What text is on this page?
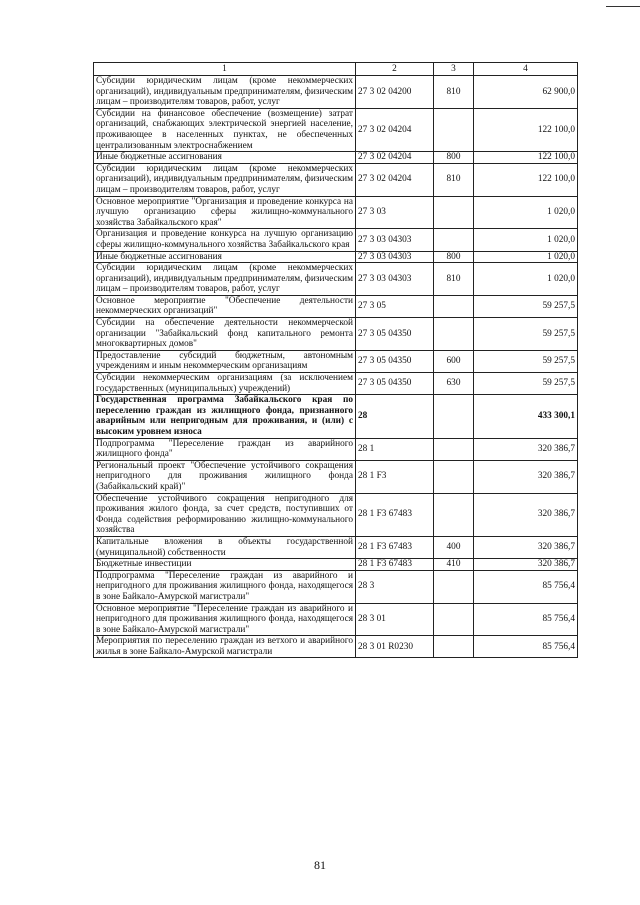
1	2	3	4
Субсидии юридическим лицам (кроме некоммерческих организаций), индивидуальным предпринимателям, физическим лицам – производителям товаров, работ, услуг	27 3 02 04200	810	62 900,0
Субсидии на финансовое обеспечение (возмещение) затрат организаций, снабжающих электрической энергией население, проживающее в населенных пунктах, не обеспеченных централизованным электроснабжением	27 3 02 04204		122 100,0
Иные бюджетные ассигнования	27 3 02 04204	800	122 100,0
Субсидии юридическим лицам (кроме некоммерческих организаций), индивидуальным предпринимателям, физическим лицам – производителям товаров, работ, услуг	27 3 02 04204	810	122 100,0
Основное мероприятие "Организация и проведение конкурса на лучшую организацию сферы жилищно-коммунального хозяйства Забайкальского края"	27 3 03		1 020,0
Организация и проведение конкурса на лучшую организацию сферы жилищно-коммунального хозяйства Забайкальского края	27 3 03 04303		1 020,0
Иные бюджетные ассигнования	27 3 03 04303	800	1 020,0
Субсидии юридическим лицам (кроме некоммерческих организаций), индивидуальным предпринимателям, физическим лицам – производителям товаров, работ, услуг	27 3 03 04303	810	1 020,0
Основное мероприятие "Обеспечение деятельности некоммерческих организаций"	27 3 05		59 257,5
Субсидии на обеспечение деятельности некоммерческой организации "Забайкальский фонд капитального ремонта многоквартирных домов"	27 3 05 04350		59 257,5
Предоставление субсидий бюджетным, автономным учреждениям и иным некоммерческим организациям	27 3 05 04350	600	59 257,5
Субсидии некоммерческим организациям (за исключением государственных (муниципальных) учреждений)	27 3 05 04350	630	59 257,5
Государственная программа Забайкальского края по переселению граждан из жилищного фонда, признанного аварийным или непригодным для проживания, и (или) с высоким уровнем износа	28		433 300,1
Подпрограмма "Переселение граждан из аварийного жилищного фонда"	28 1		320 386,7
Региональный проект "Обеспечение устойчивого сокращения непригодного для проживания жилищного фонда (Забайкальский край)"	28 1 F3		320 386,7
Обеспечение устойчивого сокращения непригодного для проживания жилого фонда, за счет средств, поступивших от Фонда содействия реформированию жилищно-коммунального хозяйства	28 1 F3 67483		320 386,7
Капитальные вложения в объекты государственной (муниципальной) собственности	28 1 F3 67483	400	320 386,7
Бюджетные инвестиции	28 1 F3 67483	410	320 386,7
Подпрограмма "Переселение граждан из аварийного и непригодного для проживания жилищного фонда, находящегося в зоне Байкало-Амурской магистрали"	28 3		85 756,4
Основное мероприятие "Переселение граждан из аварийного и непригодного для проживания жилищного фонда, находящегося в зоне Байкало-Амурской магистрали"	28 3 01		85 756,4
Мероприятия по переселению граждан из ветхого и аварийного жилья в зоне Байкало-Амурской магистрали	28 3 01 R0230		85 756,4
81
